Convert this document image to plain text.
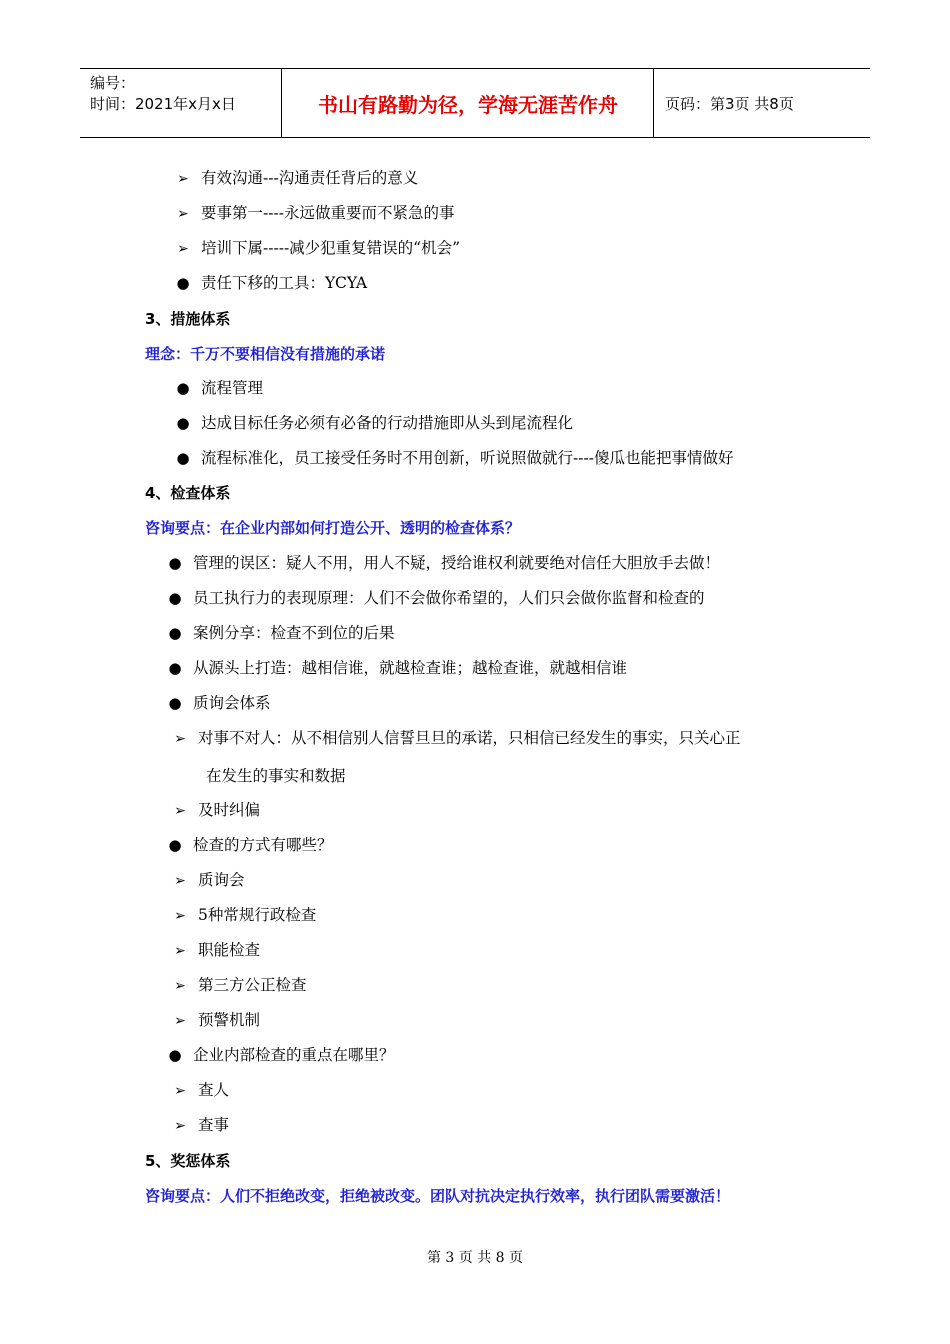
编号：
时间：2021年x月x日	书山有路勤为径，学海无涯苦作舟	页码：第3页 共8页
➢ 有效沟通---沟通责任背后的意义
➢ 要事第一----永远做重要而不紧急的事
➢ 培训下属-----减少犯重复错误的“机会”
● 责任下移的工具：YCYA
3、措施体系
理念：千万不要相信没有措施的承诺
● 流程管理
● 达成目标任务必须有必备的行动措施即从头到尾流程化
● 流程标准化，员工接受任务时不用创新，听说照做就行----傻瓜也能把事情做好
4、检查体系
咨询要点：在企业内部如何打造公开、透明的检查体系？
● 管理的误区：疑人不用，用人不疑，授给谁权利就要绝对信任大胆放手去做！
● 员工执行力的表现原理：人们不会做你希望的，人们只会做你监督和检查的
● 案例分享：检查不到位的后果
● 从源头上打造：越相信谁，就越检查谁；越检查谁，就越相信谁
● 质询会体系
➢ 对事不对人：从不相信别人信誓旦旦的承诺，只相信已经发生的事实，只关心正
在发生的事实和数据
➢ 及时纠偏
● 检查的方式有哪些？
➢ 质询会
➢ 5种常规行政检查
➢ 职能检查
➢ 第三方公正检查
➢ 预警机制
● 企业内部检查的重点在哪里？
➢ 查人
➢ 查事
5、奖惩体系
咨询要点：人们不拒绝改变，拒绝被改变。团队对抗决定执行效率，执行团队需要激活！
第 3 页 共 8 页
